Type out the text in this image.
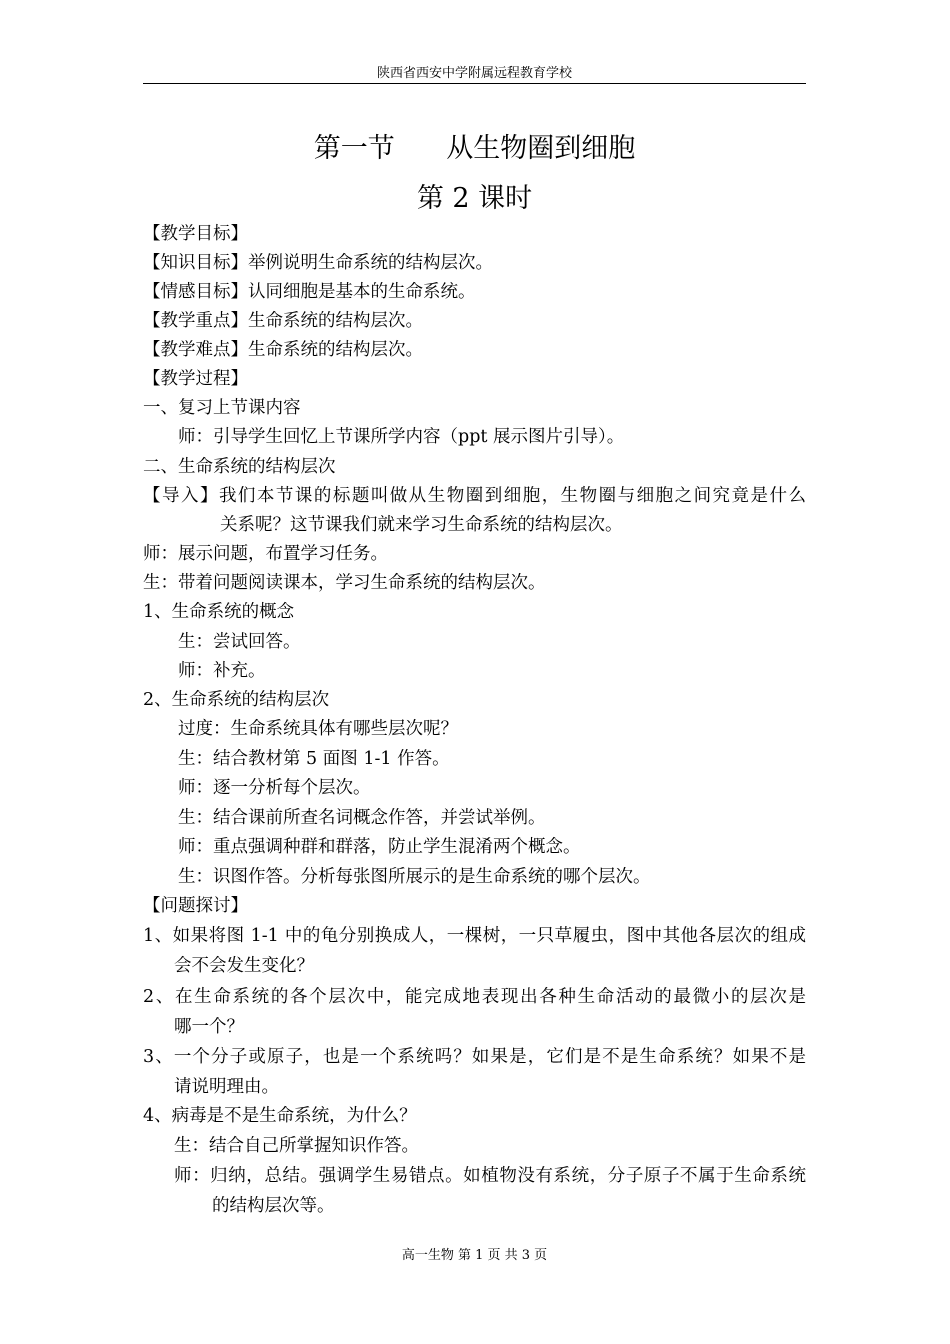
陕西省西安中学附属远程教育学校
第一节      从生物圈到细胞
第 2 课时
【教学目标】
【知识目标】举例说明生命系统的结构层次。
【情感目标】认同细胞是基本的生命系统。
【教学重点】生命系统的结构层次。
【教学难点】生命系统的结构层次。
【教学过程】
一、复习上节课内容
师：引导学生回忆上节课所学内容（ppt 展示图片引导）。
二、生命系统的结构层次
【导入】我们本节课的标题叫做从生物圈到细胞，生物圈与细胞之间究竟是什么
关系呢？这节课我们就来学习生命系统的结构层次。
师：展示问题，布置学习任务。
生：带着问题阅读课本，学习生命系统的结构层次。
1、生命系统的概念
生：尝试回答。
师：补充。
2、生命系统的结构层次
过度：生命系统具体有哪些层次呢？
生：结合教材第 5 面图 1-1 作答。
师：逐一分析每个层次。
生：结合课前所查名词概念作答，并尝试举例。
师：重点强调种群和群落，防止学生混淆两个概念。
生：识图作答。分析每张图所展示的是生命系统的哪个层次。
【问题探讨】
1、如果将图 1-1 中的龟分别换成人，一棵树，一只草履虫，图中其他各层次的组成
会不会发生变化？
2、在生命系统的各个层次中，能完成地表现出各种生命活动的最微小的层次是
哪一个？
3、一个分子或原子，也是一个系统吗？如果是，它们是不是生命系统？如果不是
请说明理由。
4、病毒是不是生命系统，为什么？
生：结合自己所掌握知识作答。
师：归纳，总结。强调学生易错点。如植物没有系统，分子原子不属于生命系统
的结构层次等。
高一生物 第 1 页 共 3 页
